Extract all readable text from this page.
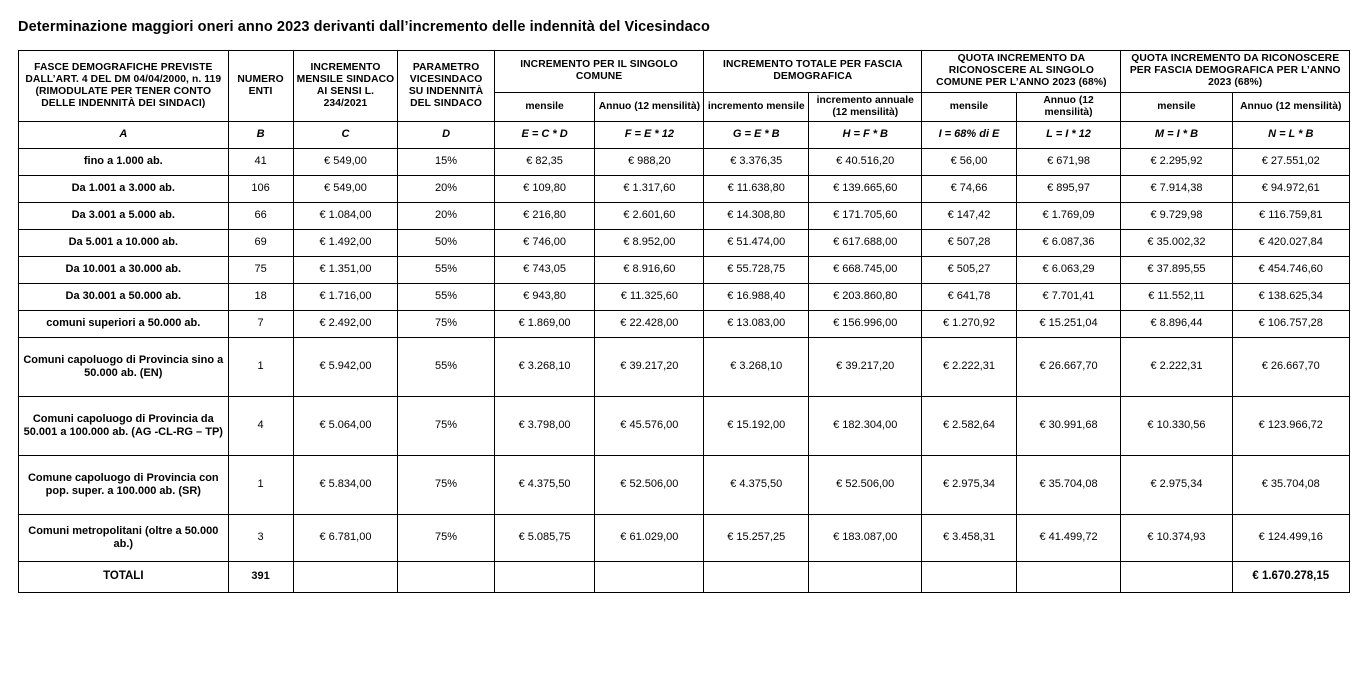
Determinazione maggiori oneri anno 2023 derivanti dall’incremento delle indennità del Vicesindaco
FASCE DEMOGRAFICHE PREVISTE DALL’ART. 4 DEL DM 04/04/2000, n. 119 (RIMODULATE PER TENER CONTO DELLE INDENNITÀ DEI SINDACI)	NUMERO ENTI	INCREMENTO MENSILE SINDACO AI SENSI L. 234/2021	PARAMETRO VICESINDACO SU INDENNITÀ DEL SINDACO	INCREMENTO PER IL SINGOLO COMUNE		INCREMENTO TOTALE PER FASCIA DEMOGRAFICA		QUOTA INCREMENTO DA RICONOSCERE AL SINGOLO COMUNE PER L’ANNO 2023 (68%)		QUOTA INCREMENTO DA RICONOSCERE PER FASCIA DEMOGRAFICA PER L’ANNO 2023 (68%)	
				mensile	Annuo (12 mensilità)	incremento mensile	incremento annuale (12 mensilità)	mensile	Annuo (12 mensilità)	mensile	Annuo (12 mensilità)
A	B	C	D	E = C * D	F = E * 12	G = E * B	H = F * B	I = 68% di E	L = I * 12	M = I * B	N = L * B
fino a 1.000 ab.	41	€ 549,00	15%	€ 82,35	€ 988,20	€ 3.376,35	€ 40.516,20	€ 56,00	€ 671,98	€ 2.295,92	€ 27.551,02
Da 1.001 a 3.000 ab.	106	€ 549,00	20%	€ 109,80	€ 1.317,60	€ 11.638,80	€ 139.665,60	€ 74,66	€ 895,97	€ 7.914,38	€ 94.972,61
Da 3.001 a 5.000 ab.	66	€ 1.084,00	20%	€ 216,80	€ 2.601,60	€ 14.308,80	€ 171.705,60	€ 147,42	€ 1.769,09	€ 9.729,98	€ 116.759,81
Da 5.001 a 10.000 ab.	69	€ 1.492,00	50%	€ 746,00	€ 8.952,00	€ 51.474,00	€ 617.688,00	€ 507,28	€ 6.087,36	€ 35.002,32	€ 420.027,84
Da 10.001 a 30.000 ab.	75	€ 1.351,00	55%	€ 743,05	€ 8.916,60	€ 55.728,75	€ 668.745,00	€ 505,27	€ 6.063,29	€ 37.895,55	€ 454.746,60
Da 30.001 a 50.000 ab.	18	€ 1.716,00	55%	€ 943,80	€ 11.325,60	€ 16.988,40	€ 203.860,80	€ 641,78	€ 7.701,41	€ 11.552,11	€ 138.625,34
comuni superiori a 50.000 ab.	7	€ 2.492,00	75%	€ 1.869,00	€ 22.428,00	€ 13.083,00	€ 156.996,00	€ 1.270,92	€ 15.251,04	€ 8.896,44	€ 106.757,28
Comuni capoluogo di Provincia sino a 50.000 ab. (EN)	1	€ 5.942,00	55%	€ 3.268,10	€ 39.217,20	€ 3.268,10	€ 39.217,20	€ 2.222,31	€ 26.667,70	€ 2.222,31	€ 26.667,70
Comuni capoluogo di Provincia da 50.001 a 100.000 ab. (AG -CL-RG – TP)	4	€ 5.064,00	75%	€ 3.798,00	€ 45.576,00	€ 15.192,00	€ 182.304,00	€ 2.582,64	€ 30.991,68	€ 10.330,56	€ 123.966,72
Comune capoluogo di Provincia con pop. super. a 100.000 ab. (SR)	1	€ 5.834,00	75%	€ 4.375,50	€ 52.506,00	€ 4.375,50	€ 52.506,00	€ 2.975,34	€ 35.704,08	€ 2.975,34	€ 35.704,08
Comuni metropolitani (oltre a 50.000 ab.)	3	€ 6.781,00	75%	€ 5.085,75	€ 61.029,00	€ 15.257,25	€ 183.087,00	€ 3.458,31	€ 41.499,72	€ 10.374,93	€ 124.499,16
TOTALI	391										€ 1.670.278,15
